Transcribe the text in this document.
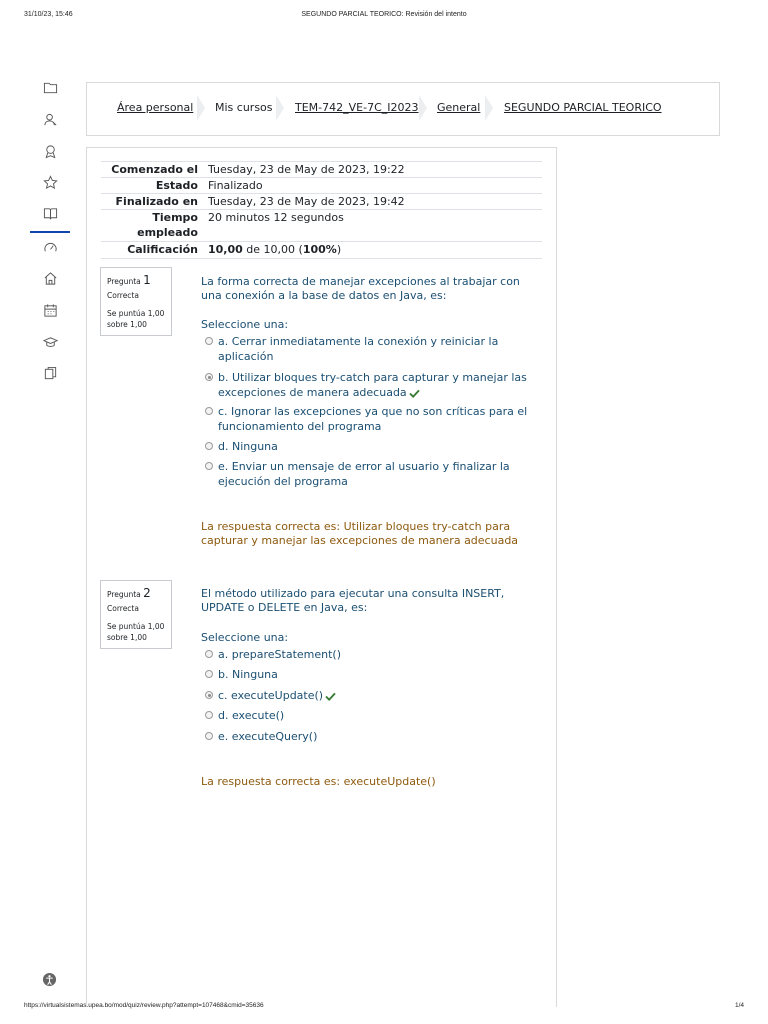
31/10/23, 15:46	SEGUNDO PARCIAL TEORICO: Revisión del intento
https://virtualsistemas.upea.bo/mod/quiz/review.php?attempt=107468&cmid=35636	1/4
Área personal Mis cursos TEM-742_VE-7C_I2023 General SEGUNDO PARCIAL TEORICO
Comenzado el Tuesday, 23 de May de 2023, 19:22
Estado Finalizado
Finalizado en Tuesday, 23 de May de 2023, 19:42
Tiempo
empleado
20 minutos 12 segundos
Calificación 10,00 de 10,00 (100%)
Pregunta 1
Correcta
Se puntúa 1,00
sobre 1,00
La forma correcta de manejar excepciones al trabajar con una conexión a la base de datos en Java, es:
Seleccione una:
a. Cerrar inmediatamente la conexión y reiniciar la aplicación
b. Utilizar bloques try-catch para capturar y manejar las excepciones de manera adecuada
c. Ignorar las excepciones ya que no son críticas para el funcionamiento del programa
d. Ninguna
e. Enviar un mensaje de error al usuario y finalizar la ejecución del programa
La respuesta correcta es: Utilizar bloques try-catch para capturar y manejar las excepciones de manera adecuada
Pregunta 2
Correcta
Se puntúa 1,00
sobre 1,00
El método utilizado para ejecutar una consulta INSERT, UPDATE o DELETE en Java, es:
Seleccione una:
a. prepareStatement()
b. Ninguna
c. executeUpdate()
d. execute()
e. executeQuery()
La respuesta correcta es: executeUpdate()
